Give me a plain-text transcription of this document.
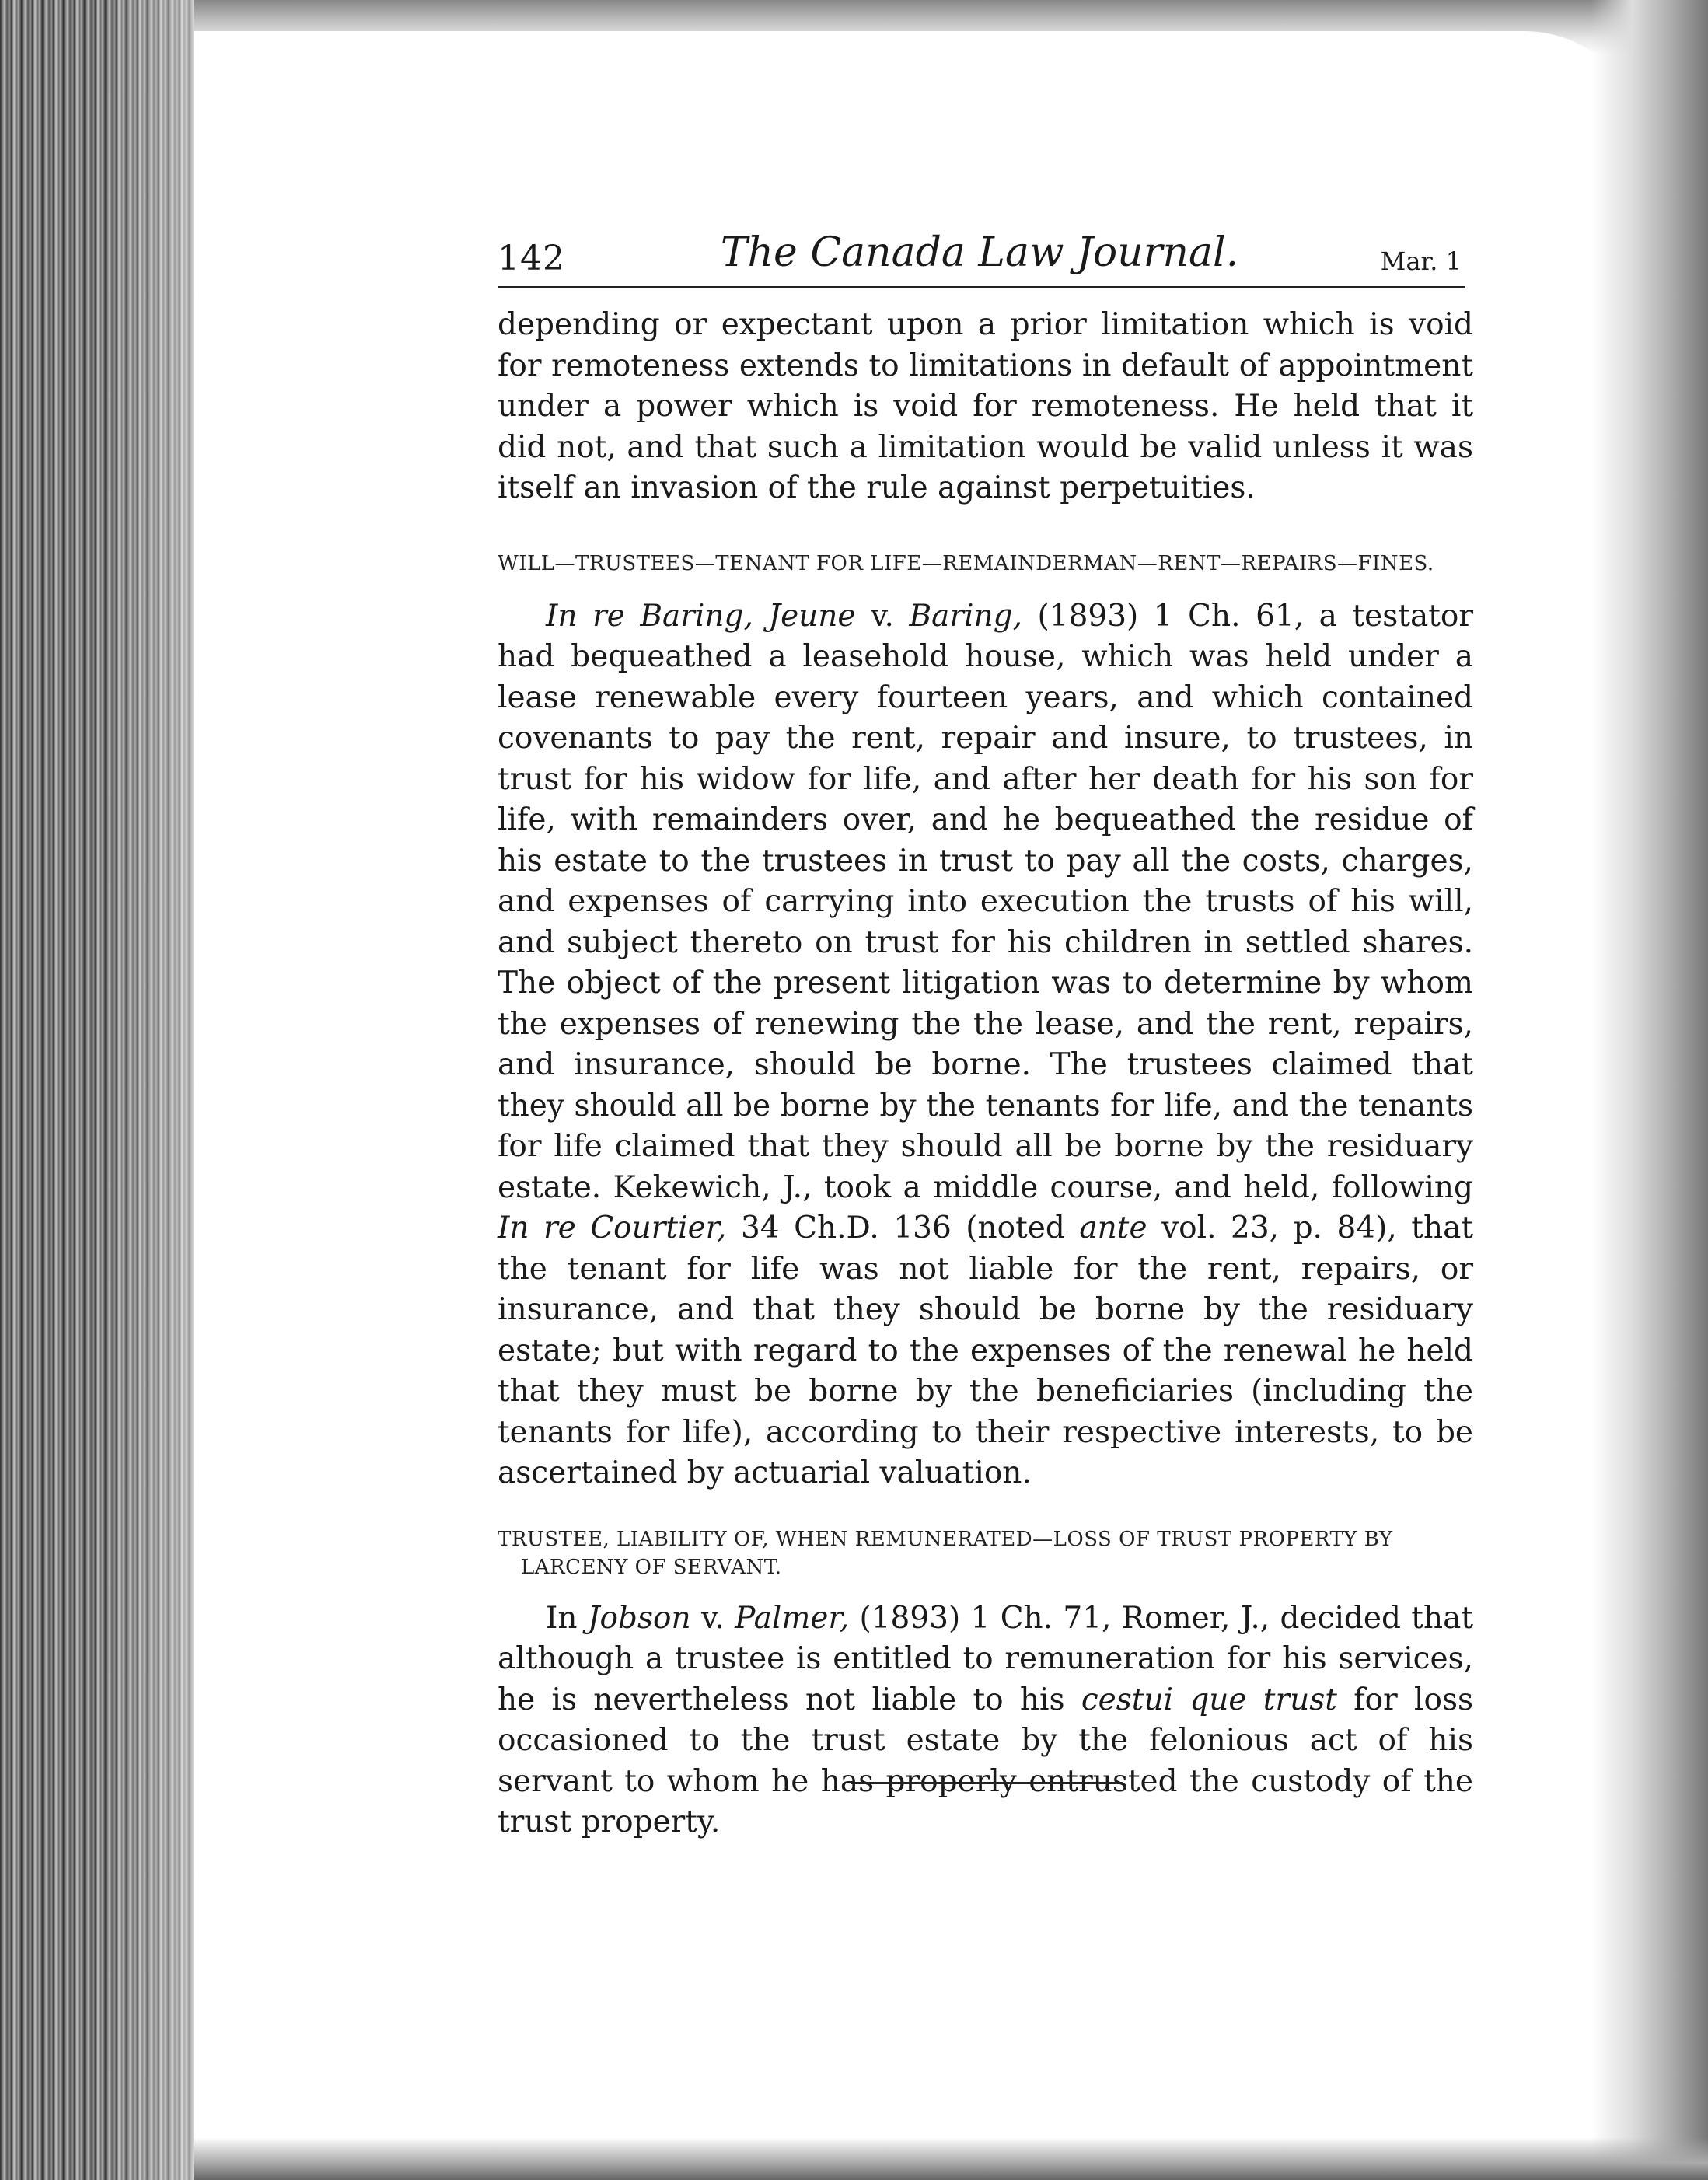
142	The Canada Law Journal.	Mar. 1

depending or expectant upon a prior limitation which is void for remoteness extends to limitations in default of appointment under a power which is void for remoteness. He held that it did not, and that such a limitation would be valid unless it was itself an invasion of the rule against perpetuities.

WILL—TRUSTEES—TENANT FOR LIFE—REMAINDERMAN—RENT—REPAIRS—FINES.

In re Baring, Jeune v. Baring, (1893) 1 Ch. 61, a testator had bequeathed a leasehold house, which was held under a lease renewable every fourteen years, and which contained covenants to pay the rent, repair and insure, to trustees, in trust for his widow for life, and after her death for his son for life, with remainders over, and he bequeathed the residue of his estate to the trustees in trust to pay all the costs, charges, and expenses of carrying into execution the trusts of his will, and subject thereto on trust for his children in settled shares. The object of the present litigation was to determine by whom the expenses of renewing the the lease, and the rent, repairs, and insurance, should be borne. The trustees claimed that they should all be borne by the tenants for life, and the tenants for life claimed that they should all be borne by the residuary estate. Kekewich, J., took a middle course, and held, following In re Courtier, 34 Ch.D. 136 (noted ante vol. 23, p. 84), that the tenant for life was not liable for the rent, repairs, or insurance, and that they should be borne by the residuary estate; but with regard to the expenses of the renewal he held that they must be borne by the beneficiaries (including the tenants for life), according to their respective interests, to be ascertained by actuarial valuation.

TRUSTEE, LIABILITY OF, WHEN REMUNERATED—LOSS OF TRUST PROPERTY BY LARCENY OF SERVANT.

In Jobson v. Palmer, (1893) 1 Ch. 71, Romer, J., decided that although a trustee is entitled to remuneration for his services, he is nevertheless not liable to his cestui que trust for loss occasioned to the trust estate by the felonious act of his servant to whom he has properly entrusted the custody of the trust property.
